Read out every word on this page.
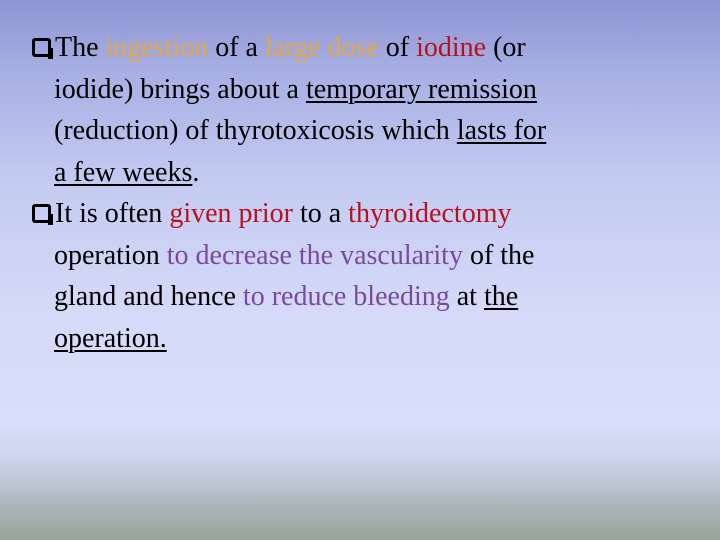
The ingestion of a large dose of iodine (or
iodide) brings about a temporary remission
(reduction) of thyrotoxicosis which lasts for
a few weeks.
It is often given prior to a thyroidectomy
operation to decrease the vascularity of the
gland and hence to reduce bleeding at the
operation.
